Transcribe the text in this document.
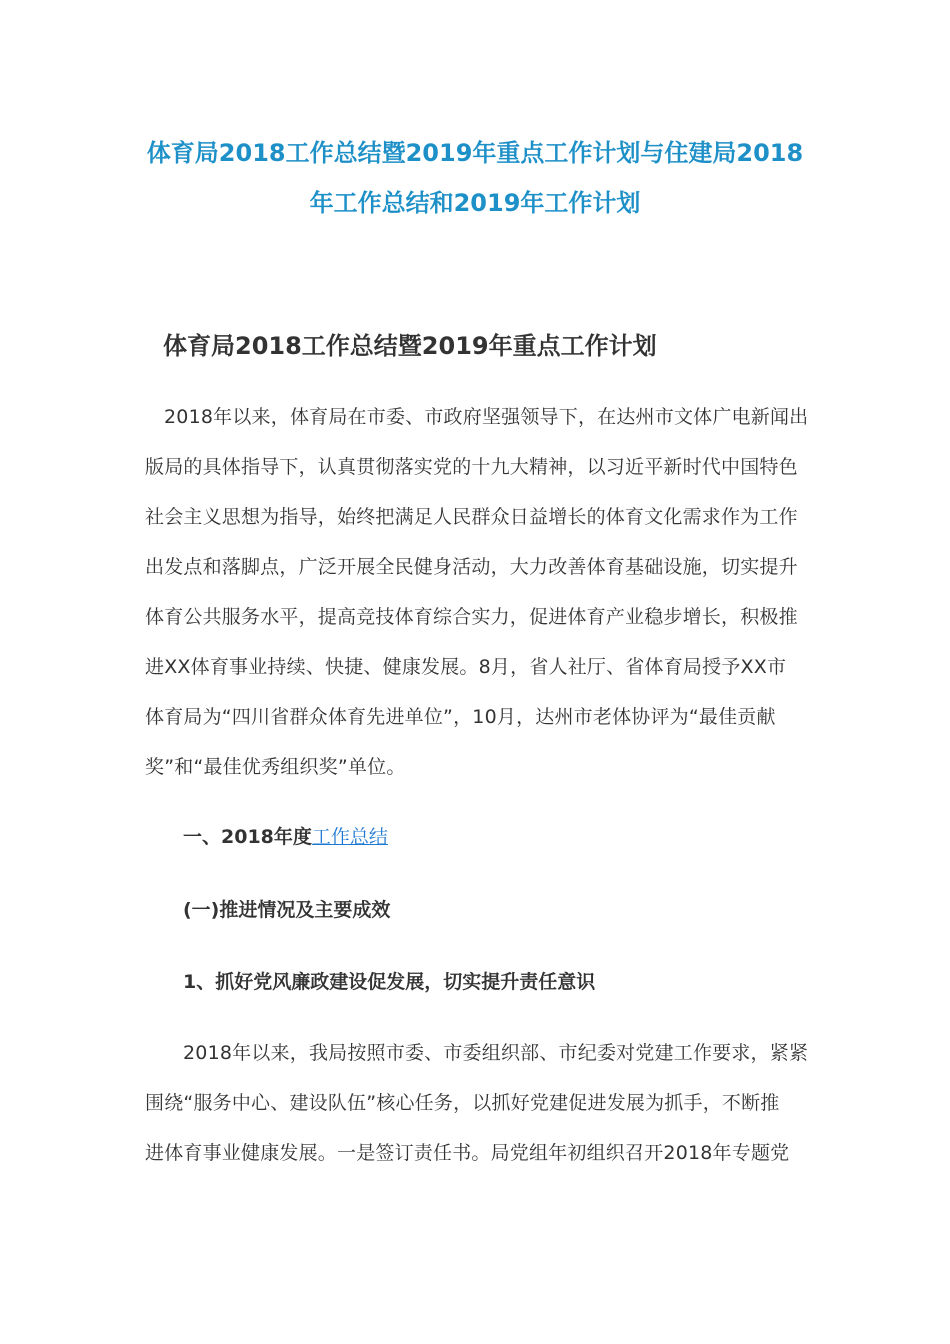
体育局2018工作总结暨2019年重点工作计划与住建局2018
年工作总结和2019年工作计划
体育局2018工作总结暨2019年重点工作计划
2018年以来，体育局在市委、市政府坚强领导下，在达州市文体广电新闻出
版局的具体指导下，认真贯彻落实党的十九大精神，以习近平新时代中国特色
社会主义思想为指导，始终把满足人民群众日益增长的体育文化需求作为工作
出发点和落脚点，广泛开展全民健身活动，大力改善体育基础设施，切实提升
体育公共服务水平，提高竞技体育综合实力，促进体育产业稳步增长，积极推
进XX体育事业持续、快捷、健康发展。8月，省人社厅、省体育局授予XX市
体育局为“四川省群众体育先进单位”，10月，达州市老体协评为“最佳贡献
奖”和“最佳优秀组织奖”单位。

一、2018年度工作总结

(一)推进情况及主要成效

1、抓好党风廉政建设促发展，切实提升责任意识

2018年以来，我局按照市委、市委组织部、市纪委对党建工作要求，紧紧
围绕“服务中心、建设队伍”核心任务，以抓好党建促进发展为抓手，不断推
进体育事业健康发展。一是签订责任书。局党组年初组织召开2018年专题党
